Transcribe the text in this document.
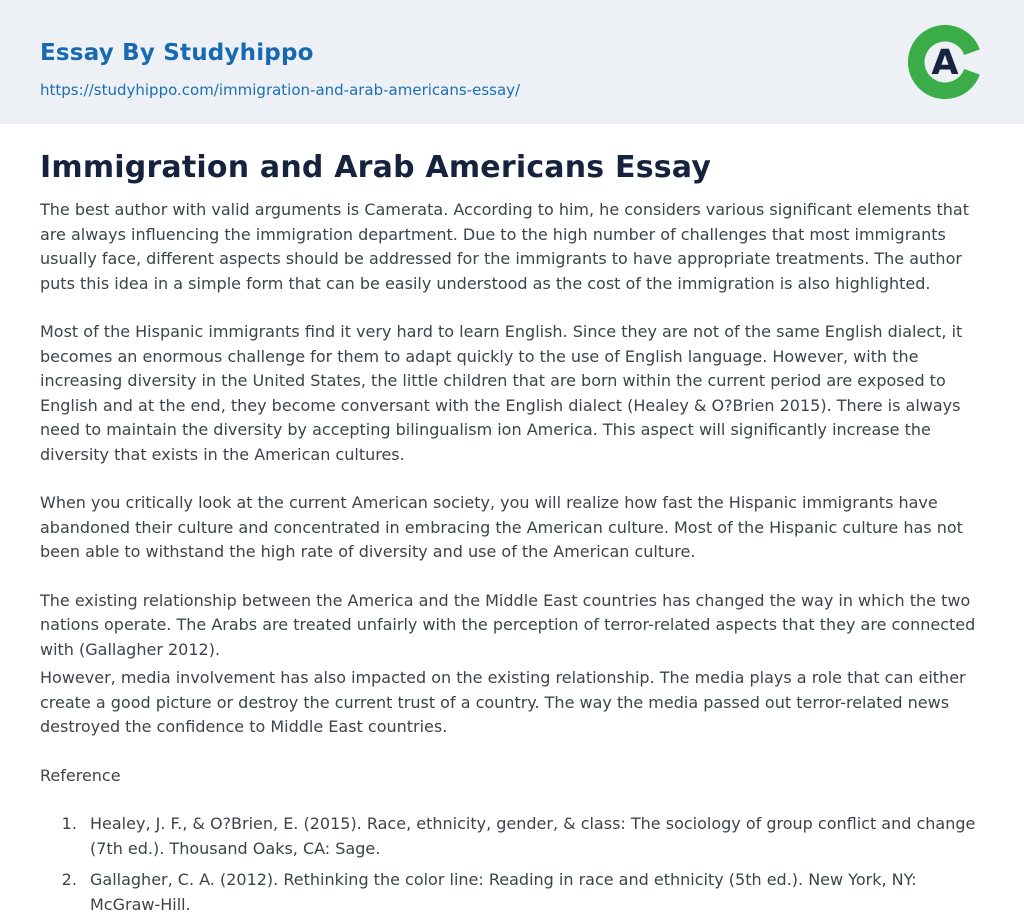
Essay By Studyhippo
https://studyhippo.com/immigration-and-arab-americans-essay/
A
Immigration and Arab Americans Essay

The best author with valid arguments is Camerata. According to him, he considers various significant elements that are always influencing the immigration department. Due to the high number of challenges that most immigrants usually face, different aspects should be addressed for the immigrants to have appropriate treatments. The author puts this idea in a simple form that can be easily understood as the cost of the immigration is also highlighted.

Most of the Hispanic immigrants find it very hard to learn English. Since they are not of the same English dialect, it becomes an enormous challenge for them to adapt quickly to the use of English language. However, with the increasing diversity in the United States, the little children that are born within the current period are exposed to English and at the end, they become conversant with the English dialect (Healey & O?Brien 2015). There is always need to maintain the diversity by accepting bilingualism ion America. This aspect will significantly increase the diversity that exists in the American cultures.

When you critically look at the current American society, you will realize how fast the Hispanic immigrants have abandoned their culture and concentrated in embracing the American culture. Most of the Hispanic culture has not been able to withstand the high rate of diversity and use of the American culture.

The existing relationship between the America and the Middle East countries has changed the way in which the two nations operate. The Arabs are treated unfairly with the perception of terror-related aspects that they are connected with (Gallagher 2012).

However, media involvement has also impacted on the existing relationship. The media plays a role that can either create a good picture or destroy the current trust of a country. The way the media passed out terror-related news destroyed the confidence to Middle East countries.

Reference

1. Healey, J. F., & O?Brien, E. (2015). Race, ethnicity, gender, & class: The sociology of group conflict and change (7th ed.). Thousand Oaks, CA: Sage.
2. Gallagher, C. A. (2012). Rethinking the color line: Reading in race and ethnicity (5th ed.). New York, NY: McGraw-Hill.
